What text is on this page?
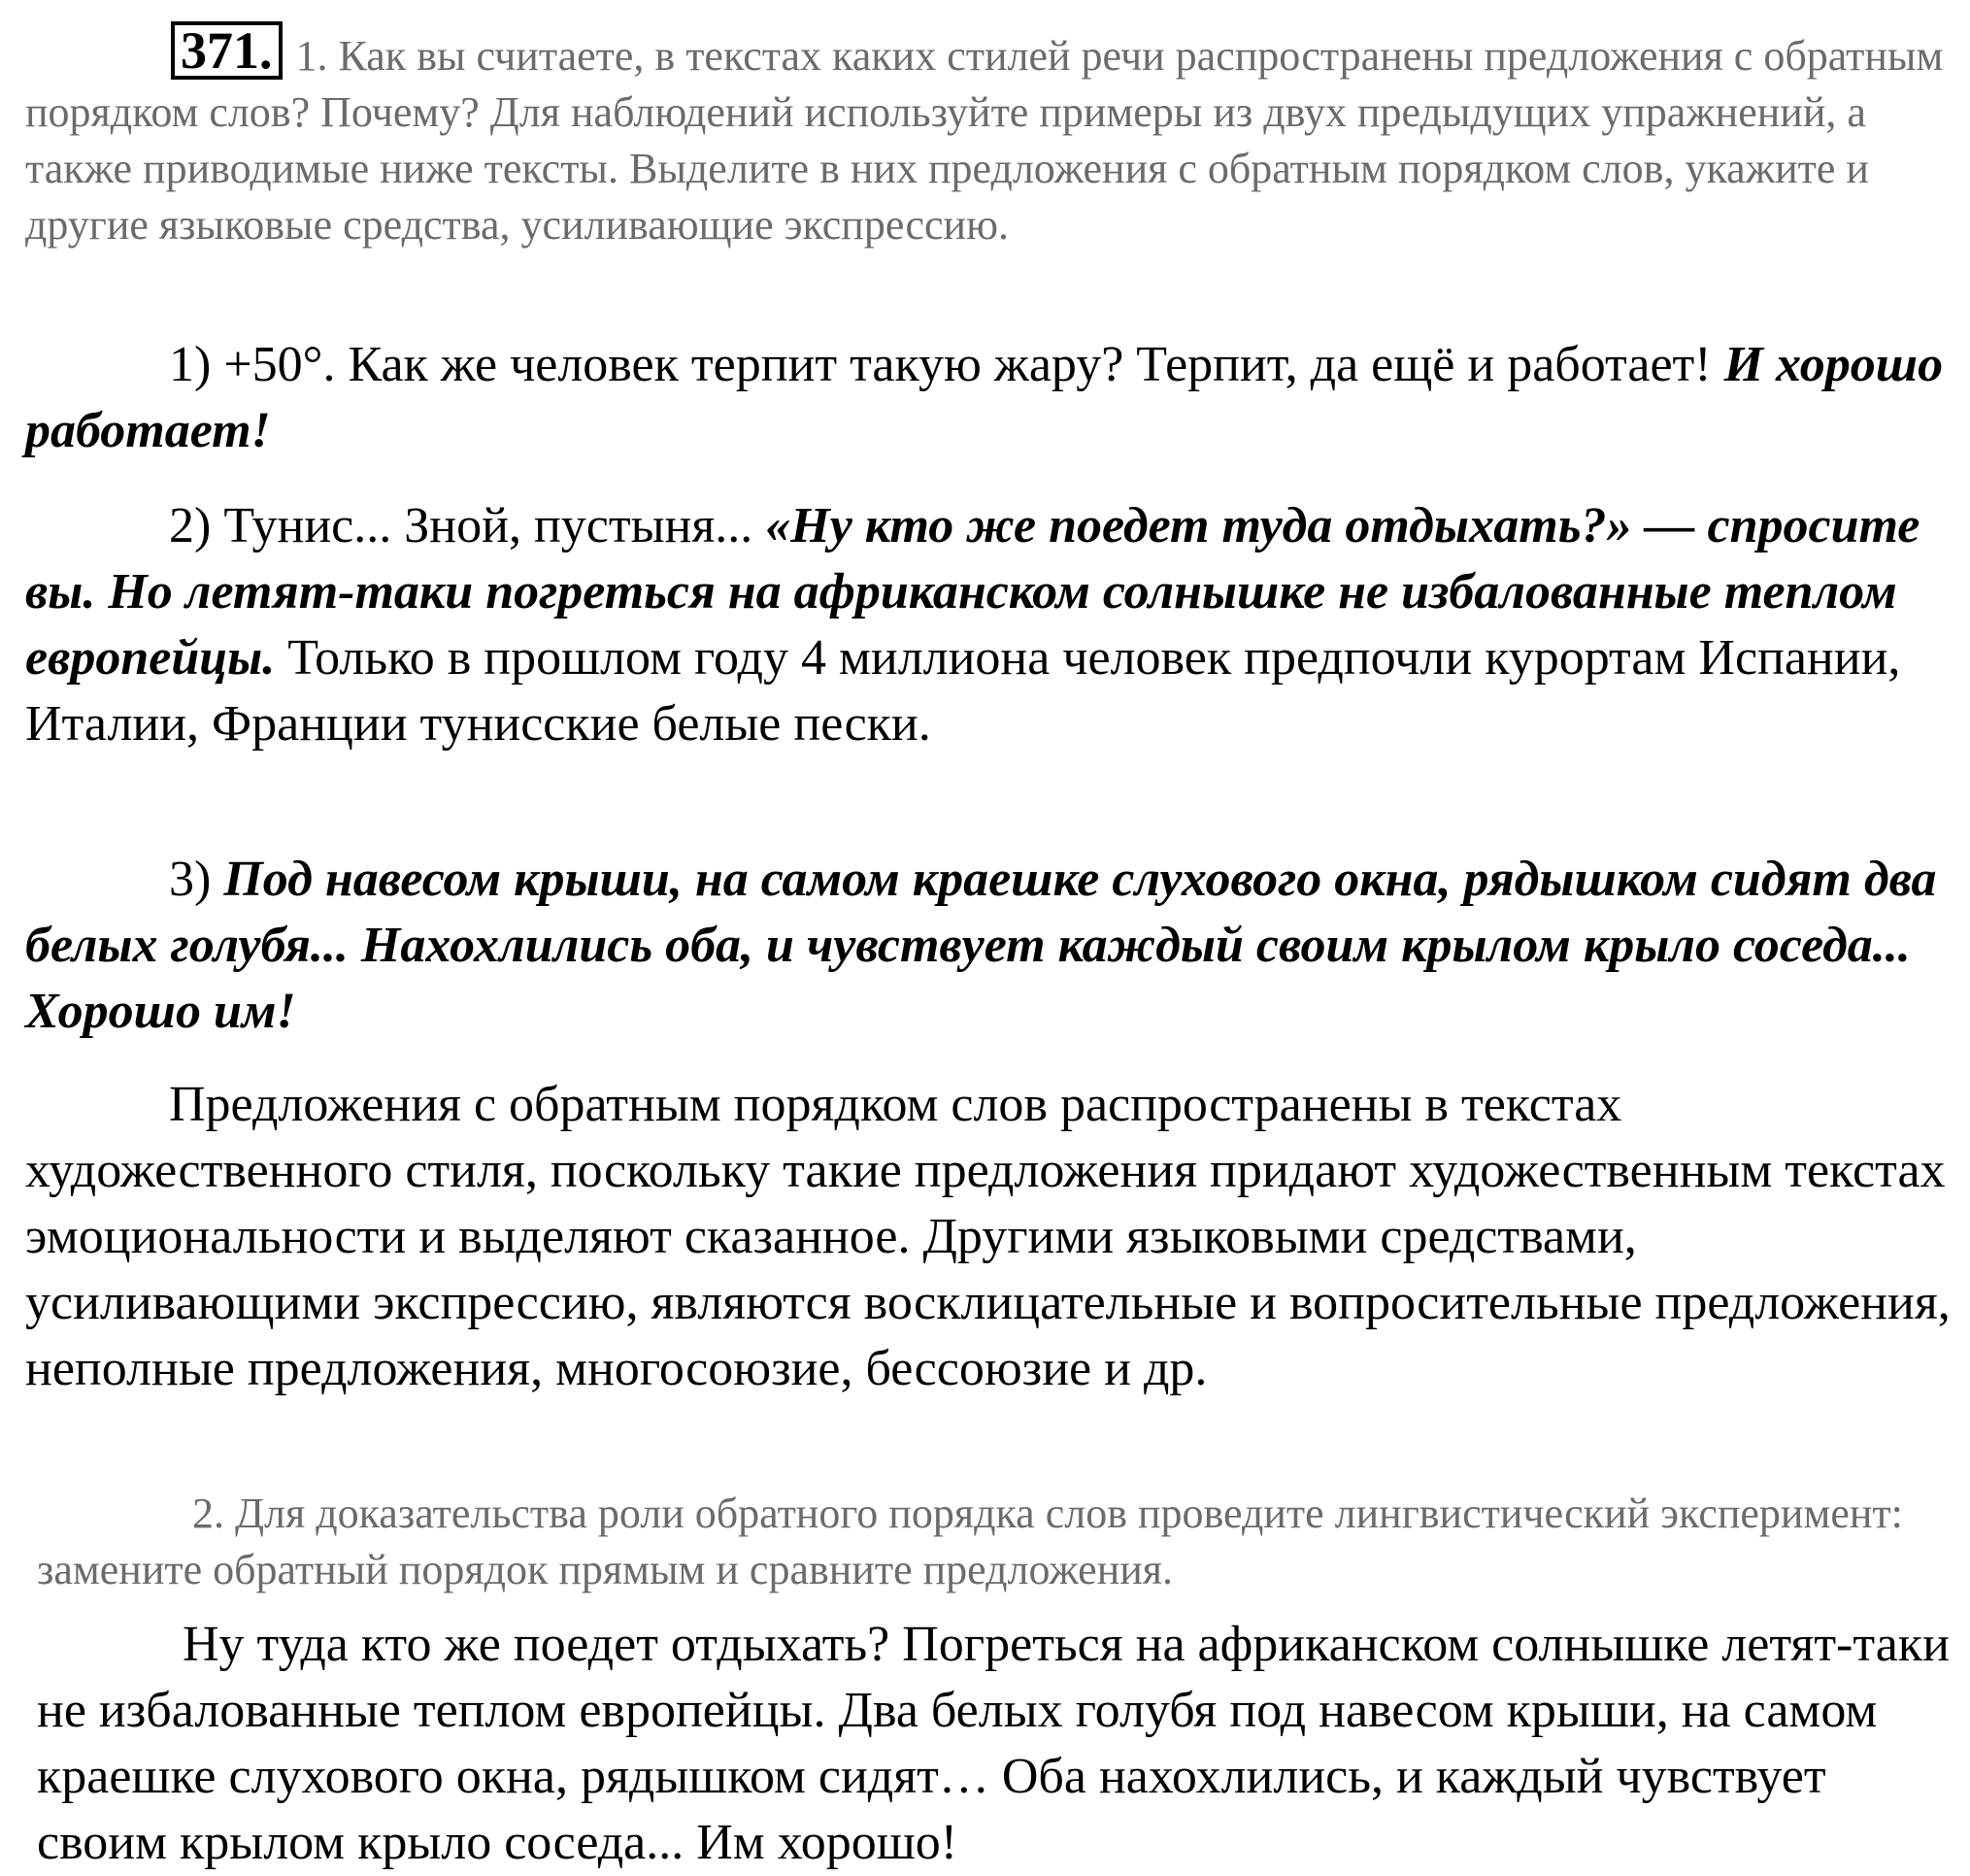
371. 1. Как вы считаете, в текстах каких стилей речи распространены предложения с обратным порядком слов? Почему? Для наблюдений используйте примеры из двух предыдущих упражнений, а также приводимые ниже тексты. Выделите в них предложения с обратным порядком слов, укажите и другие языковые средства, усиливающие экспрессию.
1) +50°. Как же человек терпит такую жару? Терпит, да ещё и работает! И хорошо работает!
2) Тунис... Зной, пустыня... «Ну кто же поедет туда отдыхать?» — спросите вы. Но летят-таки погреться на африканском солнышке не избалованные теплом европейцы. Только в прошлом году 4 миллиона человек предпочли курортам Испании, Италии, Франции тунисские белые пески.
3) Под навесом крыши, на самом краешке слухового окна, рядышком сидят два белых голубя... Нахохлились оба, и чувствует каждый своим крылом крыло соседа... Хорошо им!
Предложения с обратным порядком слов распространены в текстах художественного стиля, поскольку такие предложения придают художественным текстах эмоциональности и выделяют сказанное. Другими языковыми средствами, усиливающими экспрессию, являются восклицательные и вопросительные предложения, неполные предложения, многосоюзие, бессоюзие и др.
2. Для доказательства роли обратного порядка слов проведите лингвистический эксперимент: замените обратный порядок прямым и сравните предложения.
Ну туда кто же поедет отдыхать? Погреться на африканском солнышке летят-таки не избалованные теплом европейцы. Два белых голубя под навесом крыши, на самом краешке слухового окна, рядышком сидят… Оба нахохлились, и каждый чувствует своим крылом крыло соседа... Им хорошо!
